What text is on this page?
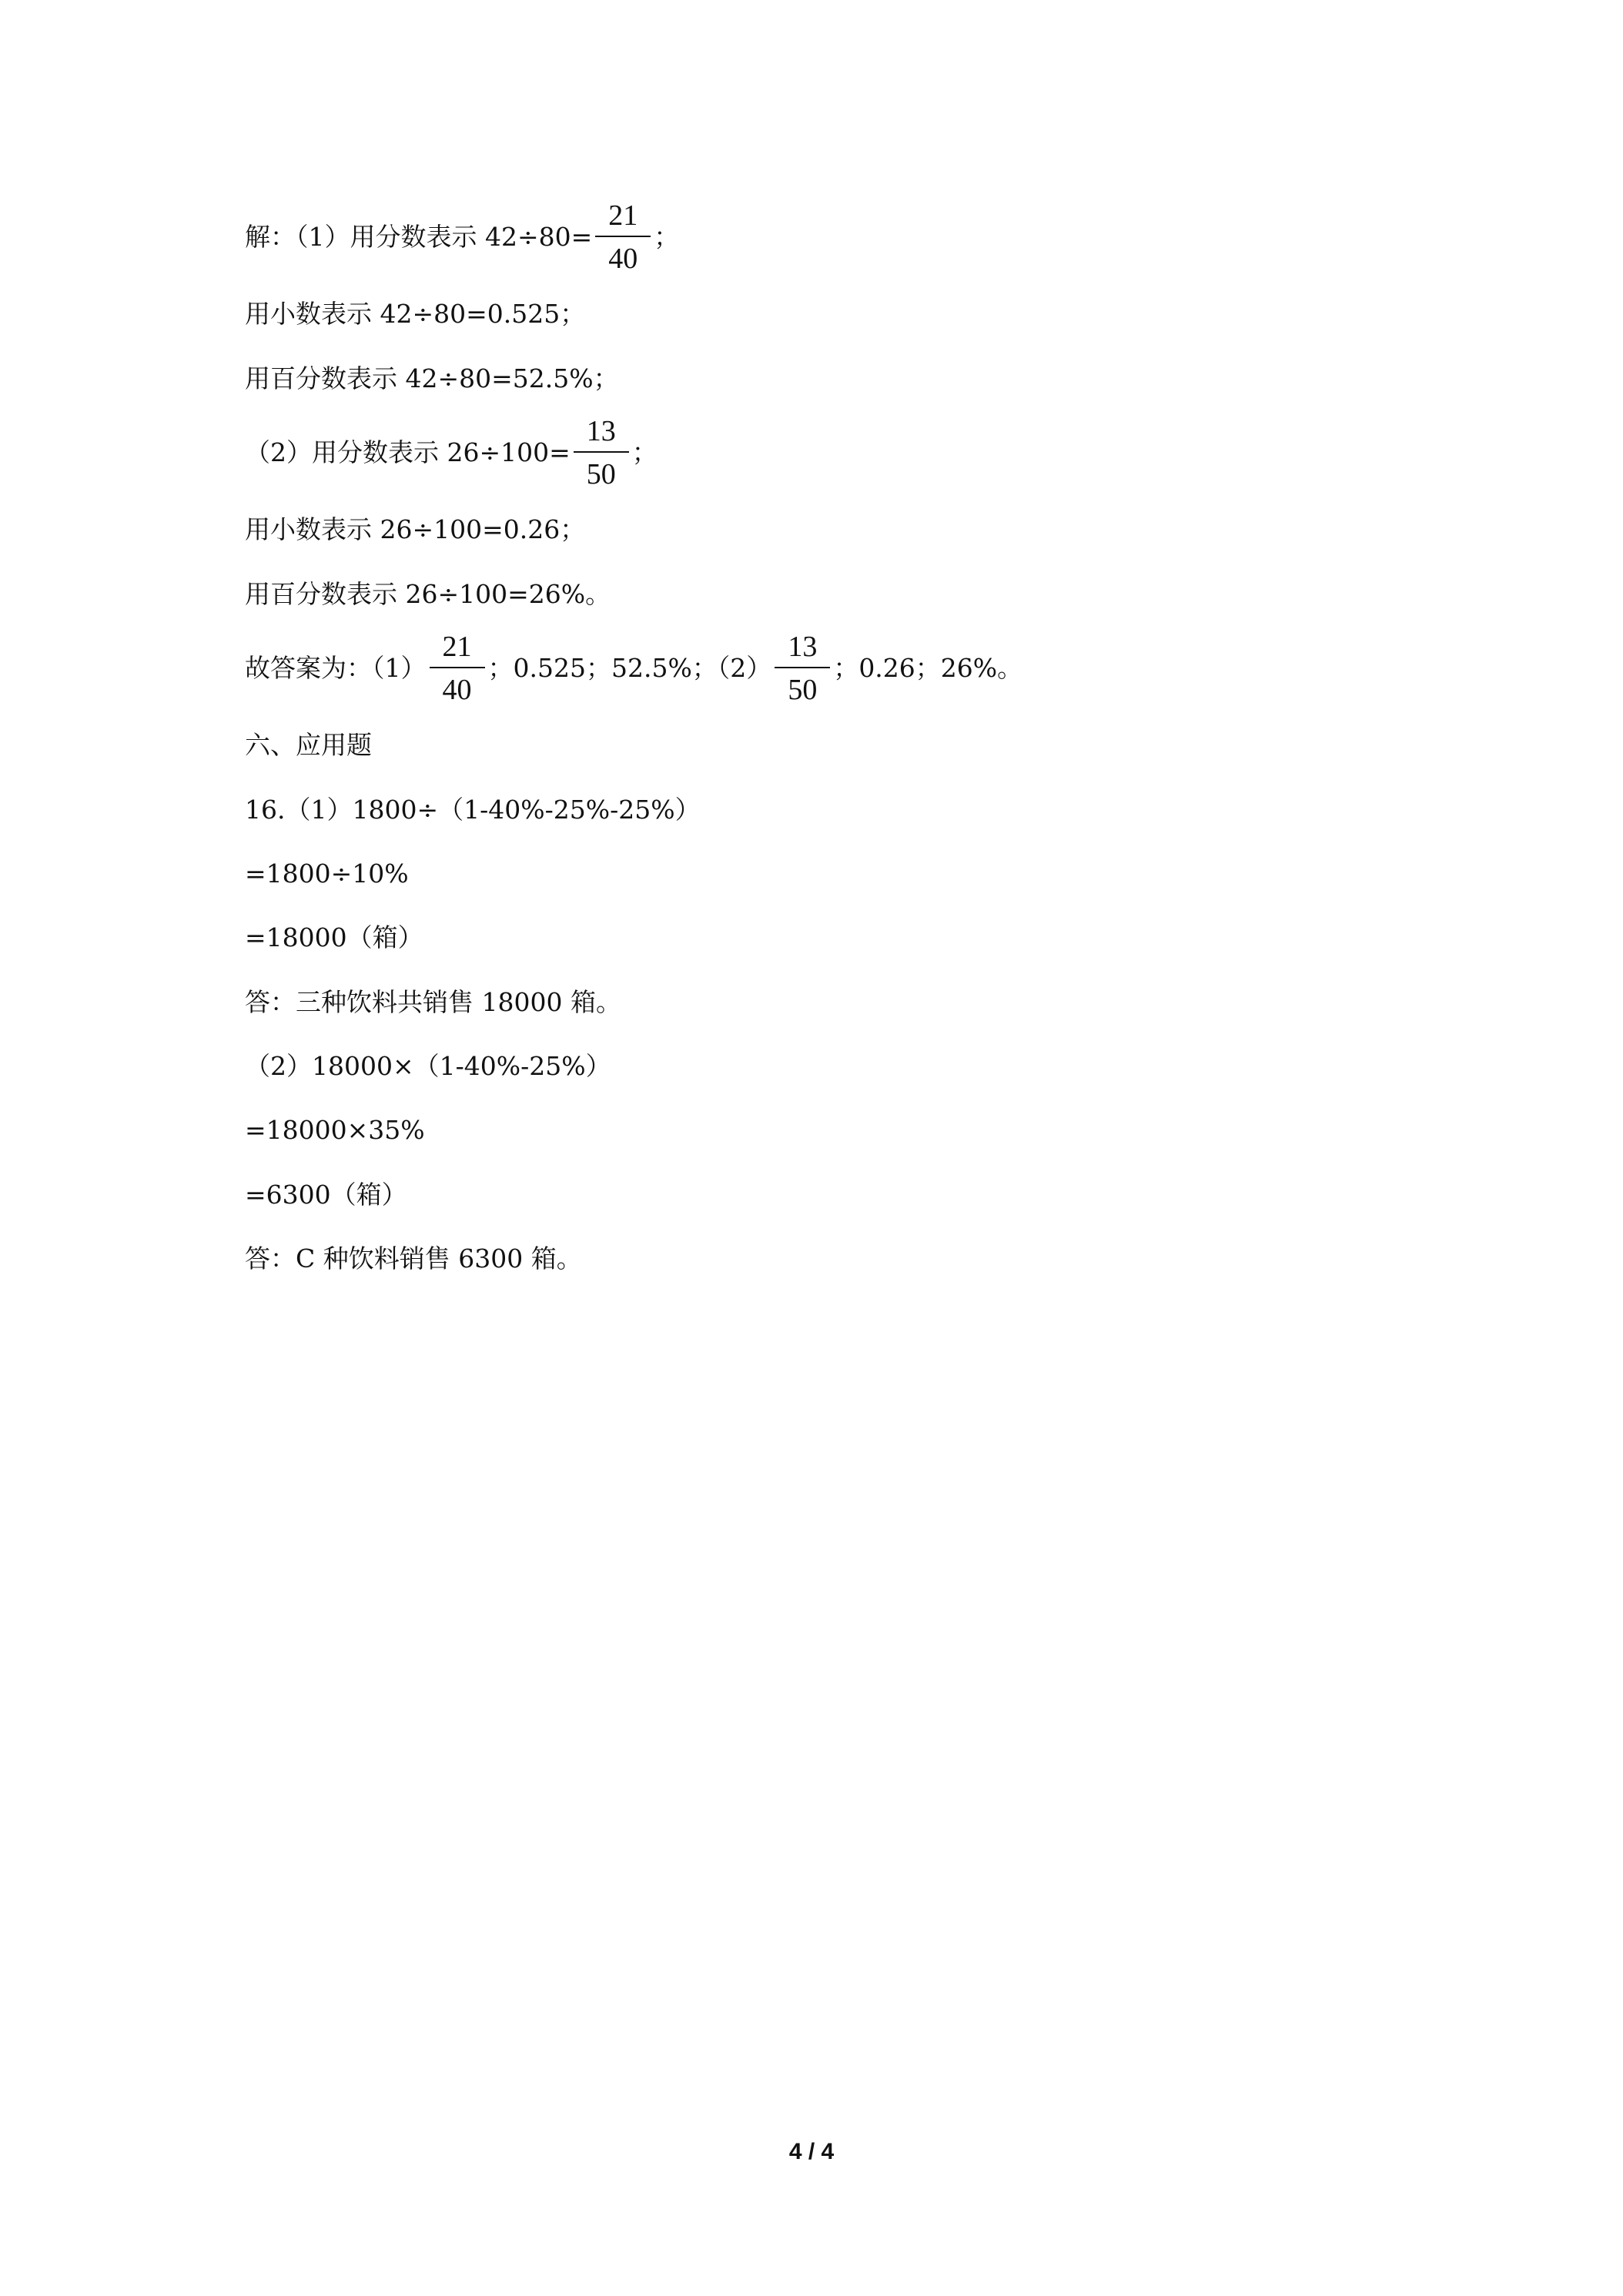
解：（1）用分数表示 $42\div 80= \frac{21}{40}$ ；
用小数表示 42÷80=0.525；
用百分数表示 42÷80=52.5%；
（2）用分数表示 $26\div 100= \frac{13}{50}$ ；
用小数表示 26÷100=0.26；
用百分数表示 26÷100=26%。
故答案为：$(1) \frac{21}{40}$ ；0.525；52.5%；$(2) \frac{13}{50}$ ；0.26；26%。
六、应用题
16.（1）1800÷（1-40%-25%-25%）
=1800÷10%
=18000（箱）
答：三种饮料共销售 18000 箱。
（2）18000×（1-40%-25%）
=18000×35%
=6300（箱）
答：C 种饮料销售 6300 箱。
4 / 4
